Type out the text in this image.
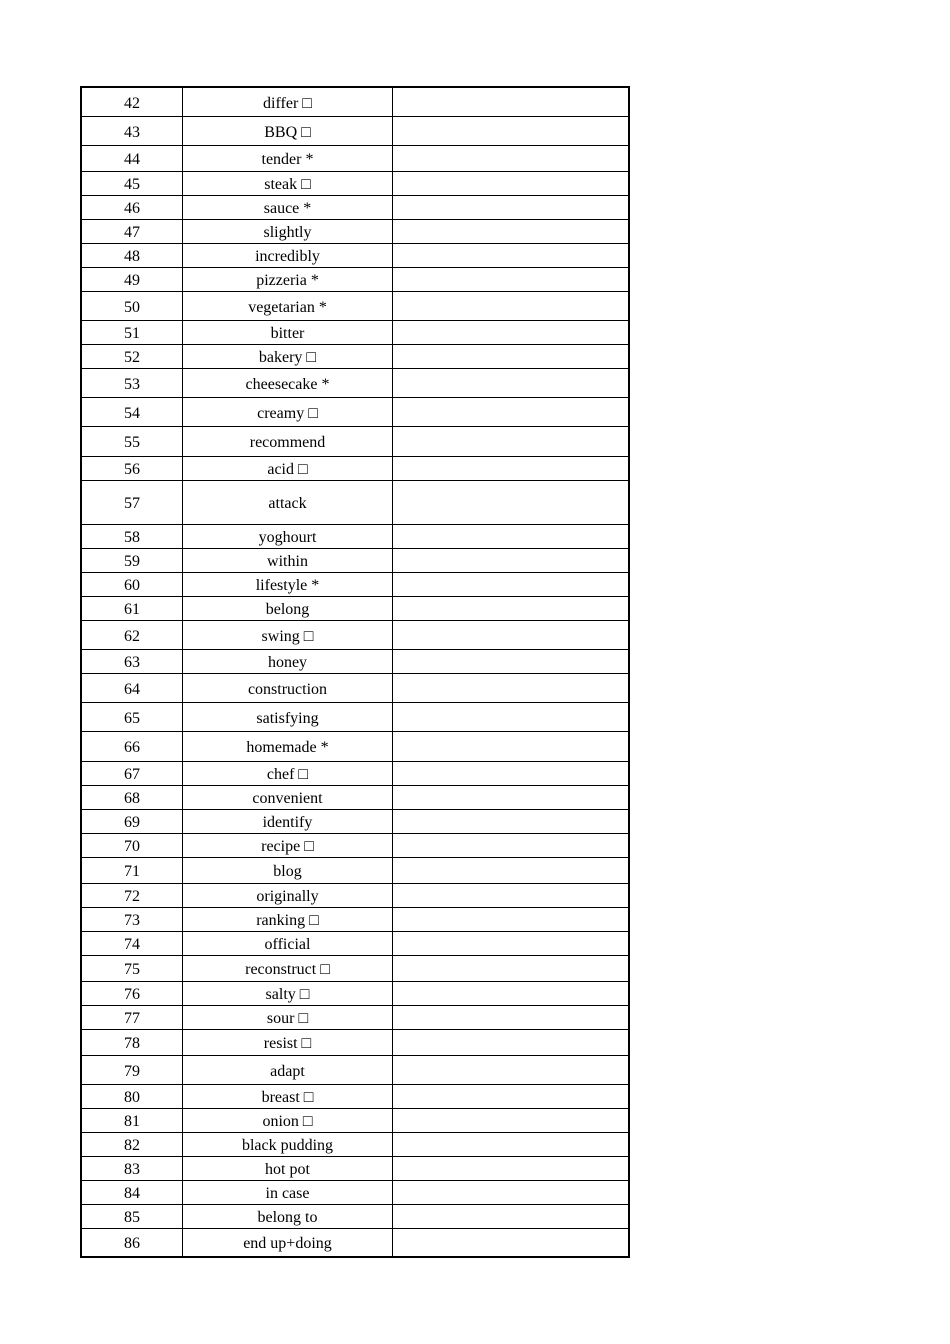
42	differ □	
43	BBQ □	
44	tender *	
45	steak □	
46	sauce *	
47	slightly	
48	incredibly	
49	pizzeria *	
50	vegetarian *	
51	bitter	
52	bakery □	
53	cheesecake *	
54	creamy □	
55	recommend	
56	acid □	
57	attack	
58	yoghourt	
59	within	
60	lifestyle *	
61	belong	
62	swing □	
63	honey	
64	construction	
65	satisfying	
66	homemade *	
67	chef □	
68	convenient	
69	identify	
70	recipe □	
71	blog	
72	originally	
73	ranking □	
74	official	
75	reconstruct □	
76	salty □	
77	sour □	
78	resist □	
79	adapt	
80	breast □	
81	onion □	
82	black pudding	
83	hot pot	
84	in case	
85	belong to	
86	end up+doing	
